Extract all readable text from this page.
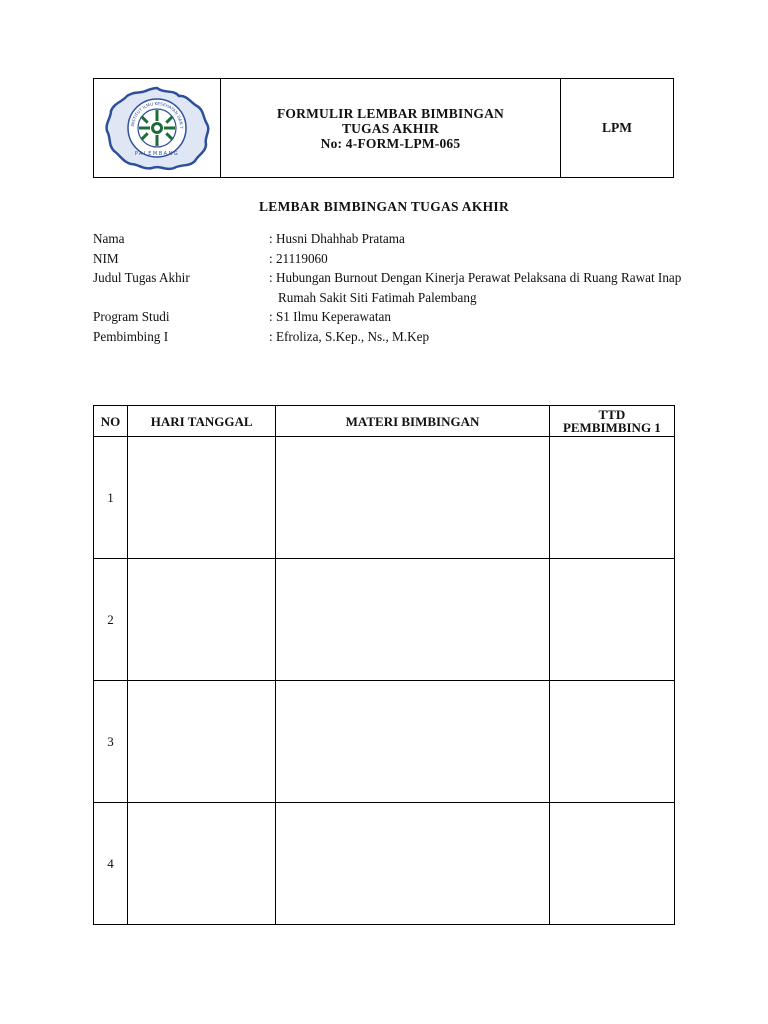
INSTITUT ILMU KESEHATAN DAN T
PALEMBANG

FORMULIR LEMBAR BIMBINGAN
TUGAS AKHIR
No: 4-FORM-LPM-065
	LPM
LEMBAR BIMBINGAN TUGAS AKHIR
Nama	: Husni Dhahhab Pratama
NIM	: 21119060
Judul Tugas Akhir	: Hubungan Burnout Dengan Kinerja Perawat Pelaksana di Ruang Rawat Inap Rumah Sakit Siti Fatimah Palembang
Program Studi	: S1 Ilmu Keperawatan
Pembimbing I	: Efroliza, S.Kep., Ns., M.Kep
NO	HARI TANGGAL	MATERI BIMBINGAN	TTD
PEMBIMBING 1

1			
2			
3			
4			
